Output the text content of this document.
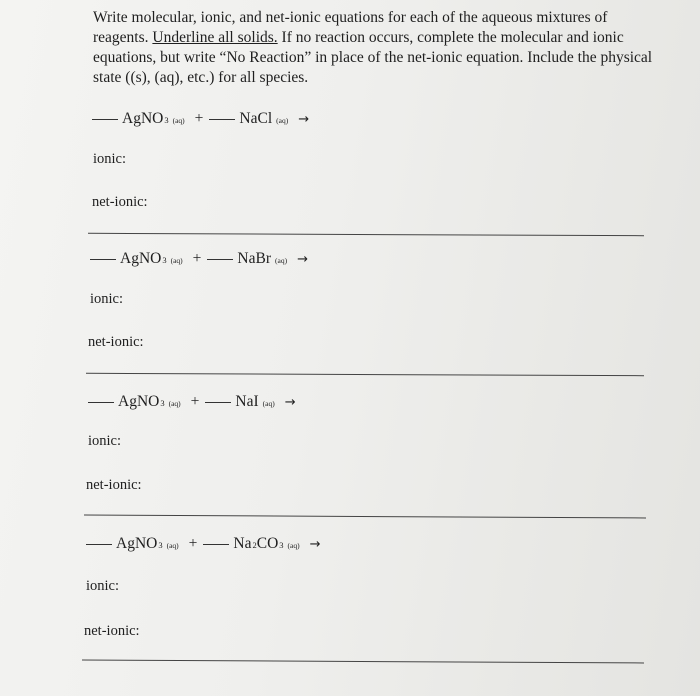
Write molecular, ionic, and net-ionic equations for each of the aqueous mixtures of reagents. Underline all solids. If no reaction occurs, complete the molecular and ionic equations, but write “No Reaction” in place of the net-ionic equation. Include the physical state ((s), (aq), etc.) for all species.
AgNO 3 (aq) + NaCl (aq) →
ionic:
net-ionic:
AgNO 3 (aq) + NaBr (aq) →
ionic:
net-ionic:
AgNO 3 (aq) + NaI (aq) →
ionic:
net-ionic:
AgNO 3 (aq) + Na 2 CO 3 (aq) →
ionic:
net-ionic:
